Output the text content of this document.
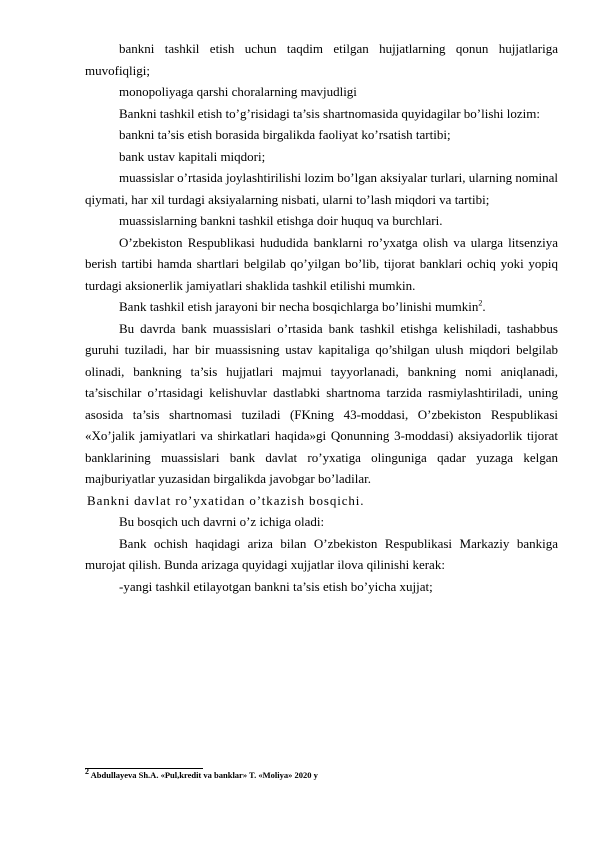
bankni tashkil etish uchun taqdim etilgan hujjatlarning qonun hujjatlariga muvofiqligi;

monopoliyaga qarshi choralarning mavjudligi

Bankni tashkil etish to’g’risidagi ta’sis shartnomasida quyidagilar bo’lishi lozim:

bankni ta’sis etish borasida birgalikda faoliyat ko’rsatish tartibi;

bank ustav kapitali miqdori;

muassislar o’rtasida joylashtirilishi lozim bo’lgan aksiyalar turlari, ularning nominal qiymati, har xil turdagi aksiyalarning nisbati, ularni to’lash miqdori va tartibi;

muassislarning bankni tashkil etishga doir huquq va burchlari.

O’zbekiston Respublikasi hududida banklarni ro’yxatga olish va ularga litsenziya berish tartibi hamda shartlari belgilab qo’yilgan bo’lib, tijorat banklari ochiq yoki yopiq turdagi aksionerlik jamiyatlari shaklida tashkil etilishi mumkin.

Bank tashkil etish jarayoni bir necha bosqichlarga bo’linishi mumkin$^2$.

Bu davrda bank muassislari o’rtasida bank tashkil etishga kelishiladi, tashabbus guruhi tuziladi, har bir muassisning ustav kapitaliga qo’shilgan ulush miqdori belgilab olinadi, bankning ta’sis hujjatlari majmui tayyorlanadi, bankning nomi aniqlanadi, ta’sischilar o’rtasidagi kelishuvlar dastlabki shartnoma tarzida rasmiylashtiriladi, uning asosida ta’sis shartnomasi tuziladi (FKning 43-moddasi, O’zbekiston Respublikasi «Xo’jalik jamiyatlari va shirkatlari haqida»gi Qonunning 3-moddasi) aksiyadorlik tijorat banklarining muassislari bank davlat ro’yxatiga olinguniga qadar yuzaga kelgan majburiyatlar yuzasidan birgalikda javobgar bo’ladilar.

Bankni davlat ro’yxatidan o’tkazish bosqichi.

Bu bosqich uch davrni o’z ichiga oladi:

Bank ochish haqidagi ariza bilan O’zbekiston Respublikasi Markaziy bankiga murojat qilish. Bunda arizaga quyidagi xujjatlar ilova qilinishi kerak:

-yangi tashkil etilayotgan bankni ta’sis etish bo’yicha xujjat;

$^2$ Abdullayeva Sh.A. «Pul,kredit va banklar» T. «Moliya» 2020 y
